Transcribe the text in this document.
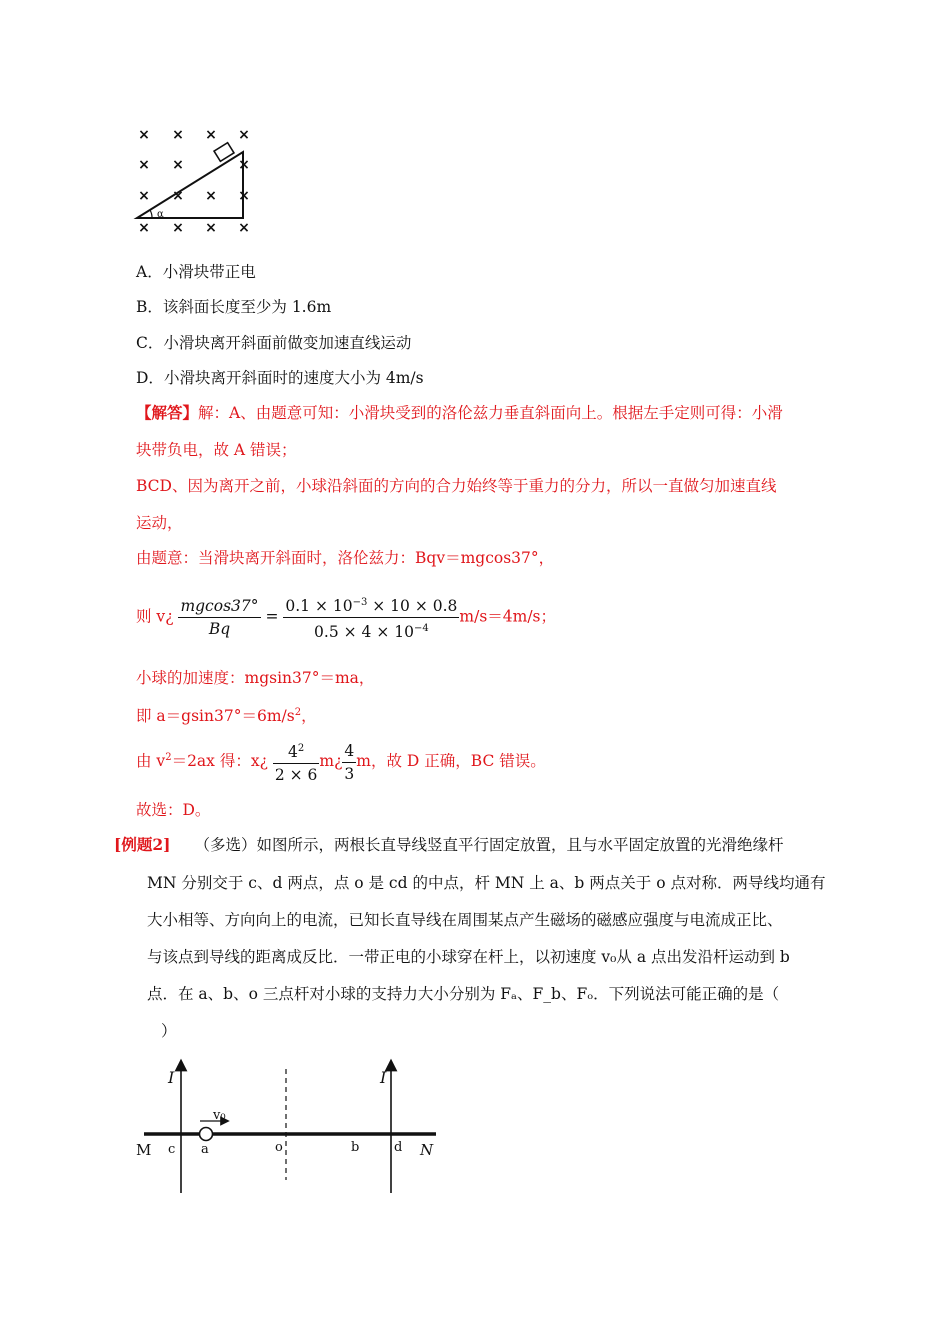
× × × ×
× ×	×
× × × ×
× × × ×
α
A．小滑块带正电
B．该斜面长度至少为 1.6m
C．小滑块离开斜面前做变加速直线运动
D．小滑块离开斜面时的速度大小为 4m/s
【解答】解：A、由题意可知：小滑块受到的洛伦兹力垂直斜面向上。根据左手定则可得：小滑
块带负电，故 A 错误；
BCD、因为离开之前，小球沿斜面的方向的合力始终等于重力的分力，所以一直做匀加速直线
运动，
由题意：当滑块离开斜面时，洛伦兹力：Bqv＝mgcos37°，
则 v¿ $\frac{mgcos37^\circ}{Bq} = \frac{0.1 \times 10^{-3} \times 10 \times 0.8}{0.5 \times 4 \times 10^{-4}} m/s=4m/s$；
小球的加速度：mgsin37°＝ma，
即 $a=gsin37^\circ=6m/s^2$，
由 $v^2=2ax$ 得：x¿ $\frac{4^2}{2 \times 6}$ m¿ $\frac{4}{3}$ m，故 D 正确，BC 错误。
故选：D。
[例题2] （多选）如图所示，两根长直导线竖直平行固定放置，且与水平固定放置的光滑绝缘杆
MN 分别交于 c、d 两点，点 o 是 cd 的中点，杆 MN 上 a、b 两点关于 o 点对称．两导线均通有
大小相等、方向向上的电流，已知长直导线在周围某点产生磁场的磁感应强度与电流成正比、
与该点到导线的距离成反比．一带正电的小球穿在杆上，以初速度 v₀从 a 点出发沿杆运动到 b
点．在 a、b、o 三点杆对小球的支持力大小分别为 Fₐ、F_b、Fₒ．下列说法可能正确的是（
）
I	I
v₀
M c a	o	b	d N
